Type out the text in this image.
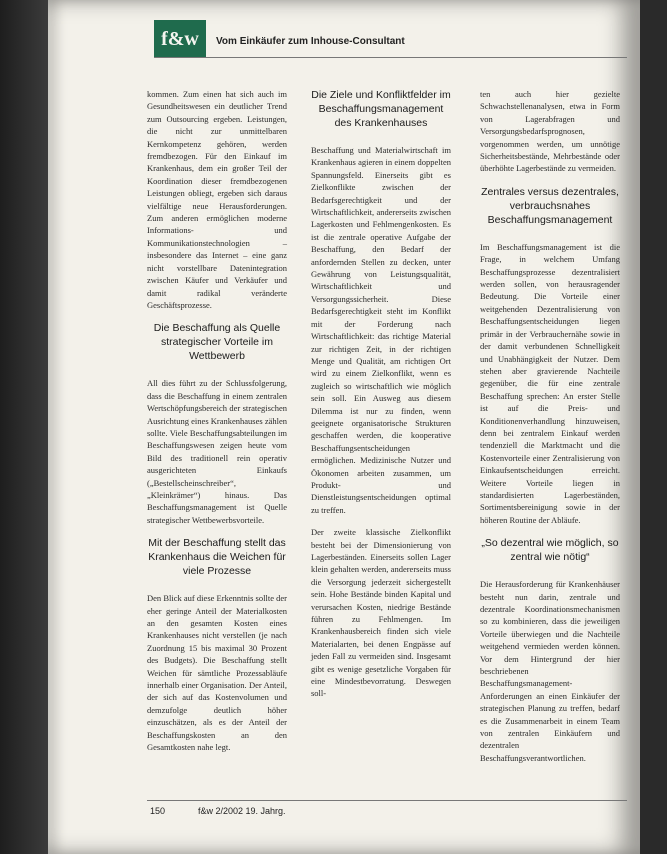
f&w	Vom Einkäufer zum Inhouse-Consultant

kommen. Zum einen hat sich auch im Gesundheitswesen ein deutlicher Trend zum Outsourcing ergeben. Leistungen, die nicht zur unmittelbaren Kernkompetenz gehören, werden fremdbezogen. Für den Einkauf im Krankenhaus, dem ein großer Teil der Koordination dieser fremdbezogenen Leistungen obliegt, ergeben sich daraus vielfältige neue Herausforderungen. Zum anderen ermöglichen moderne Informations- und Kommunikationstechnologien – insbesondere das Internet – eine ganz nicht vorstellbare Datenintegration zwischen Käufer und Verkäufer und damit radikal veränderte Geschäftsprozesse.

Die Beschaffung als Quelle strategischer Vorteile im Wettbewerb

All dies führt zu der Schlussfolgerung, dass die Beschaffung in einem zentralen Wertschöpfungsbereich der strategischen Ausrichtung eines Krankenhauses zählen sollte. Viele Beschaffungsabteilungen im Beschaffungswesen zeigen heute vom Bild des traditionell rein operativ ausgerichteten Einkaufs („Bestellscheinschreiber“, „Kleinkrämer“) hinaus. Das Beschaffungsmanagement ist Quelle strategischer Wettbewerbsvorteile.

Mit der Beschaffung stellt das Krankenhaus die Weichen für viele Prozesse

Den Blick auf diese Erkenntnis sollte der eher geringe Anteil der Materialkosten an den gesamten Kosten eines Krankenhauses nicht verstellen (je nach Zuordnung 15 bis maximal 30 Prozent des Budgets). Die Beschaffung stellt Weichen für sämtliche Prozessabläufe innerhalb einer Organisation. Der Anteil, der sich auf das Kostenvolumen und demzufolge deutlich höher einzuschätzen, als es der Anteil der Beschaffungskosten an den Gesamtkosten nahe legt.

Die Ziele und Konfliktfelder im Beschaffungsmanagement des Krankenhauses

Beschaffung und Materialwirtschaft im Krankenhaus agieren in einem doppelten Spannungsfeld. Einerseits gibt es Zielkonflikte zwischen der Bedarfsgerechtigkeit und der Wirtschaftlichkeit, andererseits zwischen Lagerkosten und Fehlmengenkosten. Es ist die zentrale operative Aufgabe der Beschaffung, den Bedarf der anfordernden Stellen zu decken, unter Gewährung von Leistungsqualität, Wirtschaftlichkeit und Versorgungssicherheit. Diese Bedarfsgerechtigkeit steht im Konflikt mit der Forderung nach Wirtschaftlichkeit: das richtige Material zur richtigen Zeit, in der richtigen Menge und Qualität, am richtigen Ort wird zu einem Zielkonflikt, wenn es zugleich so wirtschaftlich wie möglich sein soll. Ein Ausweg aus diesem Dilemma ist nur zu finden, wenn geeignete organisatorische Strukturen geschaffen werden, die kooperative Beschaffungsentscheidungen ermöglichen. Medizinische Nutzer und Ökonomen arbeiten zusammen, um Produkt- und Dienstleistungsentscheidungen optimal zu treffen.

Der zweite klassische Zielkonflikt besteht bei der Dimensionierung von Lagerbeständen. Einerseits sollen Lager klein gehalten werden, andererseits muss die Versorgung jederzeit sichergestellt sein. Hohe Bestände binden Kapital und verursachen Kosten, niedrige Bestände führen zu Fehlmengen. Im Krankenhausbereich finden sich viele Materialarten, bei denen Engpässe auf jeden Fall zu vermeiden sind. Insgesamt gibt es wenige gesetzliche Vorgaben für eine Mindestbevorratung. Deswegen soll-

ten auch hier gezielte Schwachstellenanalysen, etwa in Form von Lagerabfragen und Versorgungsbedarfsprognosen, vorgenommen werden, um unnötige Sicherheitsbestände, Mehrbestände oder überhöhte Lagerbestände zu vermeiden.

Zentrales versus dezentrales, verbrauchsnahes Beschaffungsmanagement

Im Beschaffungsmanagement ist die Frage, in welchem Umfang Beschaffungsprozesse dezentralisiert werden sollen, von herausragender Bedeutung. Die Vorteile einer weitgehenden Dezentralisierung von Beschaffungsentscheidungen liegen primär in der Verbrauchernähe sowie in der damit verbundenen Schnelligkeit und Unabhängigkeit der Nutzer. Dem stehen aber gravierende Nachteile gegenüber, die für eine zentrale Beschaffung sprechen: An erster Stelle ist auf die Preis- und Konditionenverhandlung hinzuweisen, denn bei zentralem Einkauf werden tendenziell die Marktmacht und die Kostenvorteile einer Zentralisierung von Einkaufsentscheidungen erreicht. Weitere Vorteile liegen in standardisierten Lagerbeständen, Sortimentsbereinigung sowie in der höheren Routine der Abläufe.

„So dezentral wie möglich, so zentral wie nötig“

Die Herausforderung für Krankenhäuser besteht nun darin, zentrale und dezentrale Koordinationsmechanismen so zu kombinieren, dass die jeweiligen Vorteile überwiegen und die Nachteile weitgehend vermieden werden können. Vor dem Hintergrund der hier beschriebenen Beschaffungsmanagement-Anforderungen an einen Einkäufer der strategischen Planung zu treffen, bedarf es die Zusammenarbeit in einem Team von zentralen Einkäufern und dezentralen Beschaffungsverantwortlichen.

150	f&w 2/2002 19. Jahrg.
